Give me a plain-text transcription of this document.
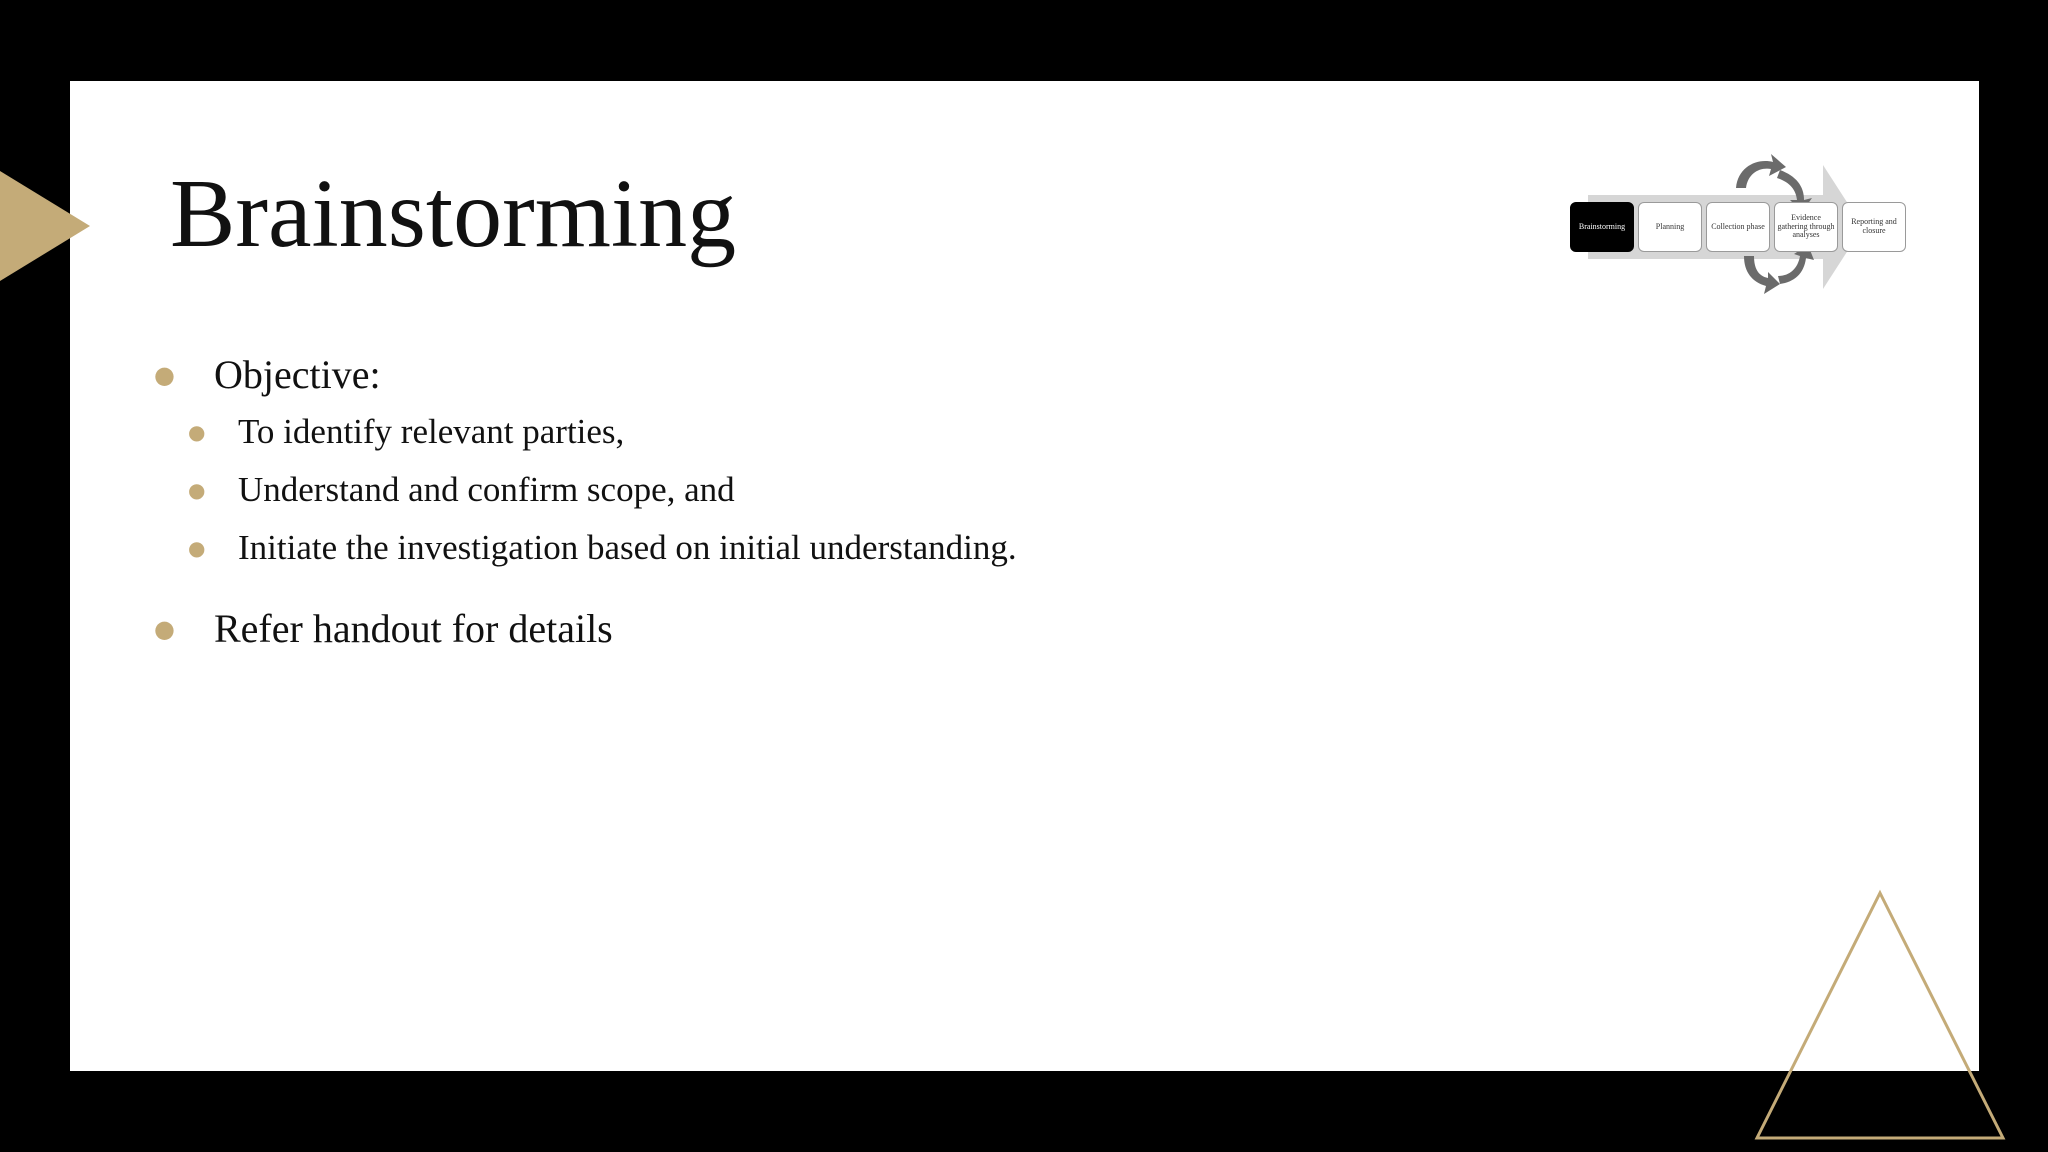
Brainstorming
● Objective:
● To identify relevant parties,
● Understand and confirm scope, and
● Initiate the investigation based on initial understanding.
● Refer handout for details
Brainstorming	Planning	Collection phase
Evidence gathering through analyses
Reporting and closure
